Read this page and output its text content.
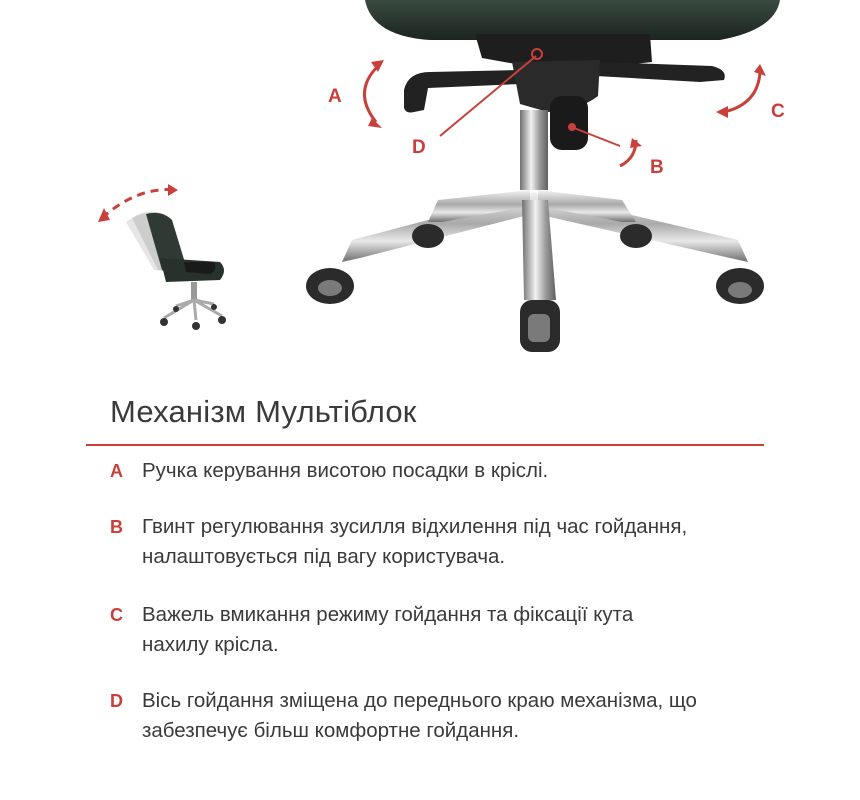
A
D
B
C
Механізм Мультіблок
A Ручка керування висотою посадки в кріслі.
B Гвинт регулювання зусилля відхилення під час гойдання, налаштовується під вагу користувача.
C Важель вмикання режиму гойдання та фіксації кута нахилу крісла.
D Вісь гойдання зміщена до переднього краю механізма, що забезпечує більш комфортне гойдання.
